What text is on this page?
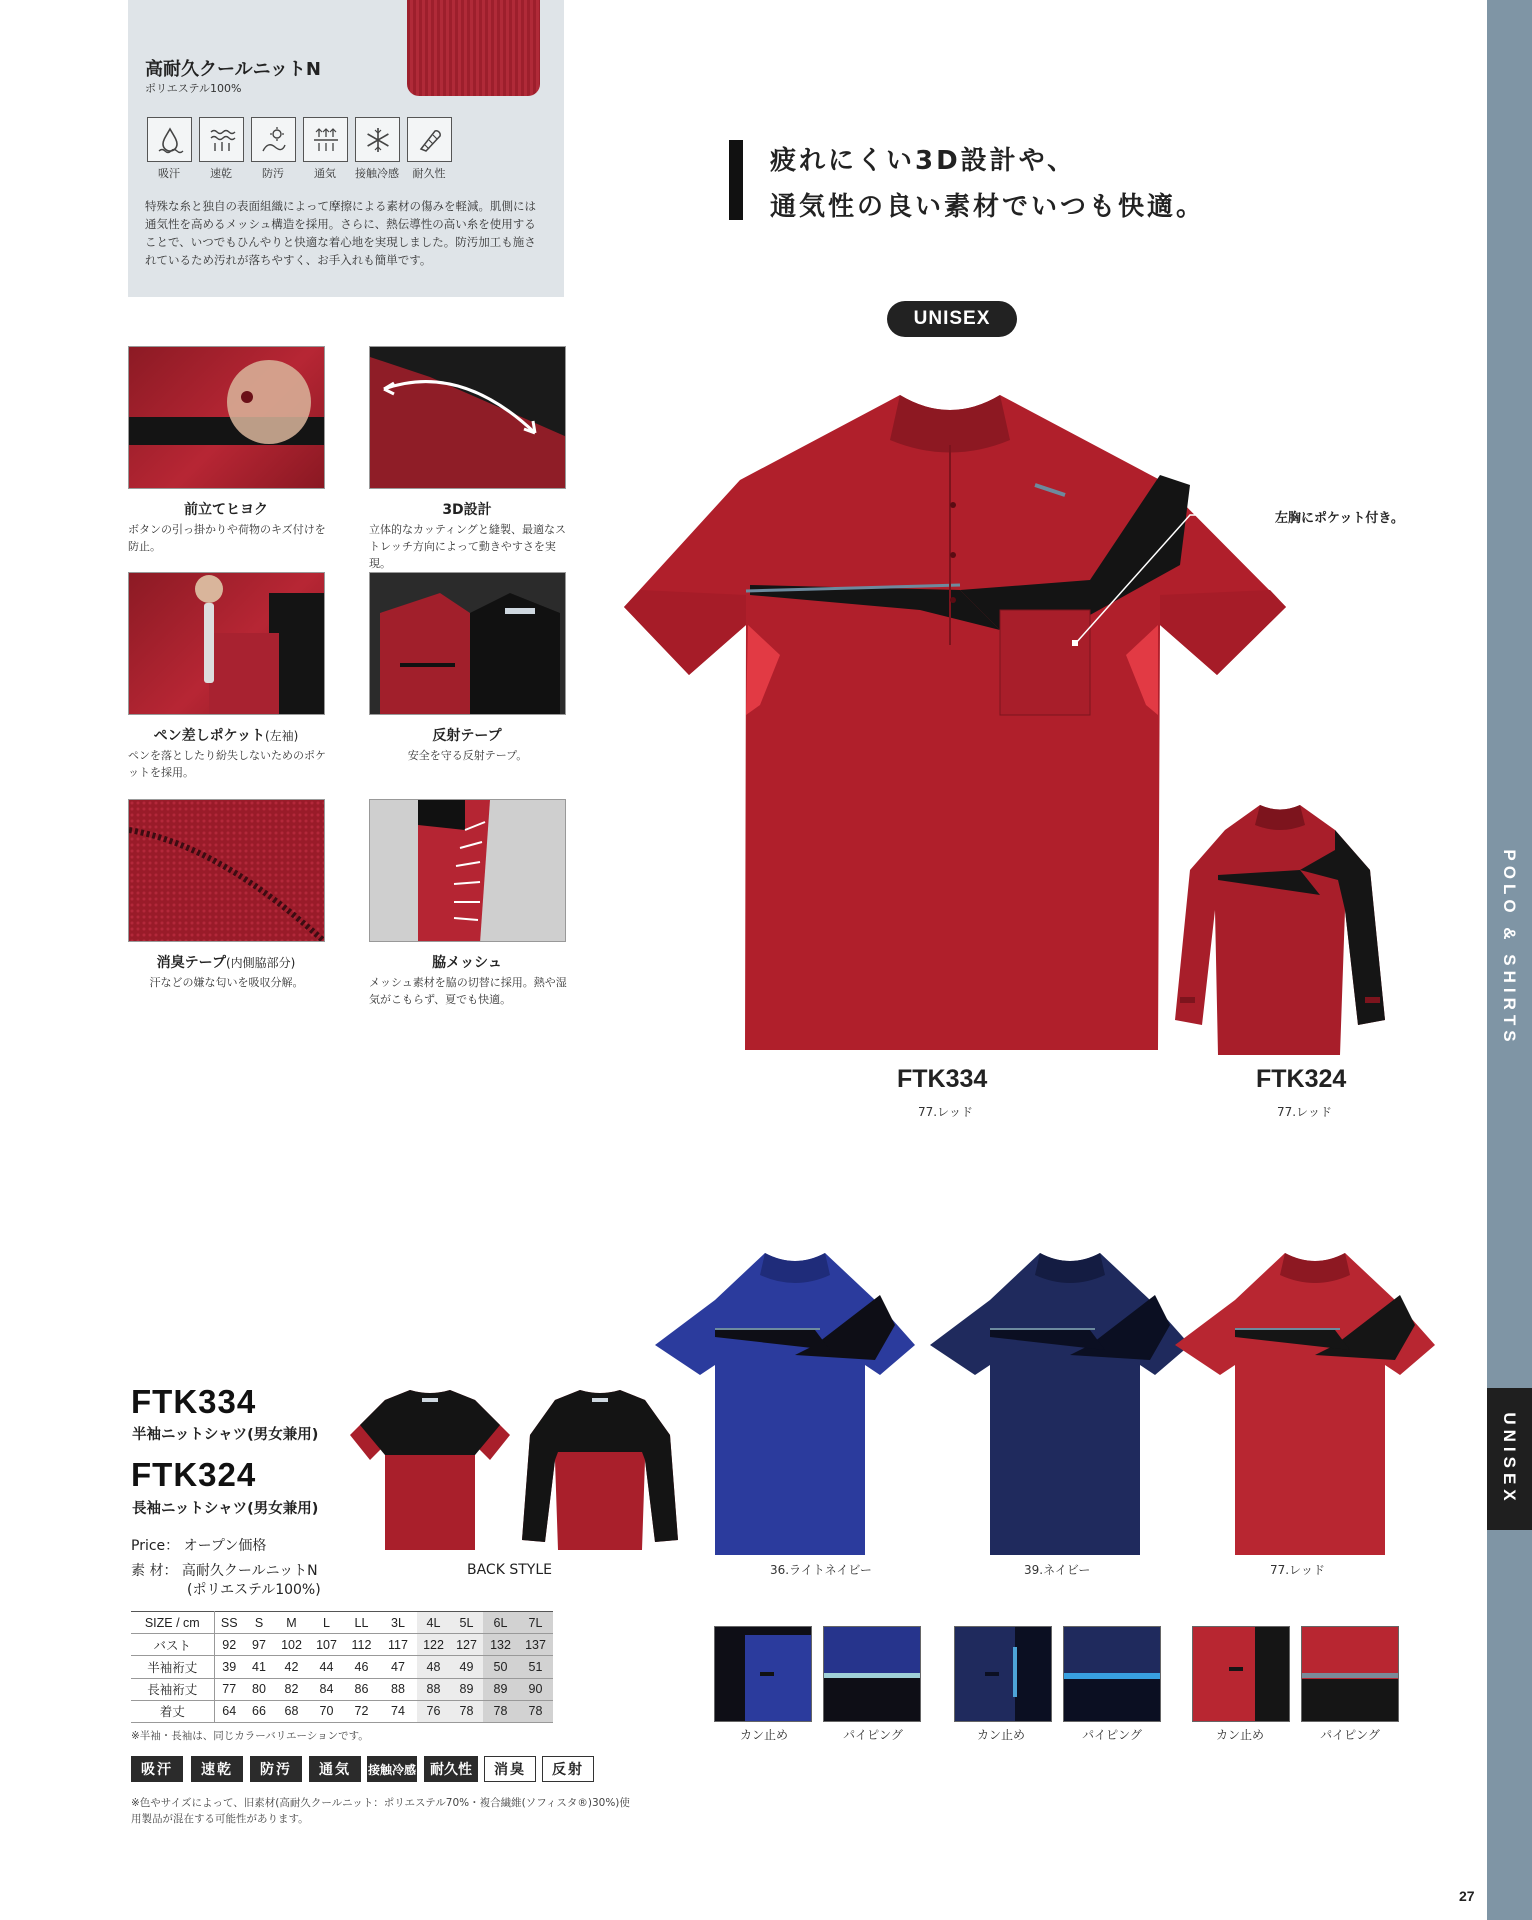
POLO & SHIRTS
UNISEX
高耐久クールニットN
ポリエステル100%
吸汗	速乾	防汚	通気	接触冷感	耐久性
特殊な糸と独自の表面組織によって摩擦による素材の傷みを軽減。肌側には通気性を高めるメッシュ構造を採用。さらに、熱伝導性の高い糸を使用することで、いつでもひんやりと快適な着心地を実現しました。防汚加工も施されているため汚れが落ちやすく、お手入れも簡単です。
前立てヒヨク
ボタンの引っ掛かりや荷物のキズ付けを防止。
3D設計
立体的なカッティングと縫製、最適なストレッチ方向によって動きやすさを実現。
ペン差しポケット(左袖)
ペンを落としたり紛失しないためのポケットを採用。
反射テープ
安全を守る反射テープ。
消臭テープ(内側脇部分)
汗などの嫌な匂いを吸収分解。
脇メッシュ
メッシュ素材を脇の切替に採用。熱や湿気がこもらず、夏でも快適。
疲れにくい3D設計や、
通気性の良い素材でいつも快適。
UNISEX
左胸にポケット付き。
FTK334
77.レッド
FTK324
77.レッド
FTK334
半袖ニットシャツ(男女兼用)
FTK324
長袖ニットシャツ(男女兼用)
Price： オープン価格
素 材： 高耐久クールニットN
(ポリエステル100%)
BACK STYLE
SIZE / cm	SS	S	M	L	LL	3L	4L	5L	6L	7L
バスト	92	97	102	107	112	117	122	127	132	137
半袖裄丈	39	41	42	44	46	47	48	49	50	51
長袖裄丈	77	80	82	84	86	88	88	89	89	90
着丈	64	66	68	70	72	74	76	78	78	78
※半袖・長袖は、同じカラーバリエーションです。
吸汗	速乾	防汚	通気	接触冷感	耐久性	消臭	反射
※色やサイズによって、旧素材(高耐久クールニット：ポリエステル70%・複合繊維(ソフィスタ®)30%)使用製品が混在する可能性があります。
36.ライトネイビー	39.ネイビー	77.レッド
カン止め	パイピング	カン止め	パイピング	カン止め	パイピング
27
